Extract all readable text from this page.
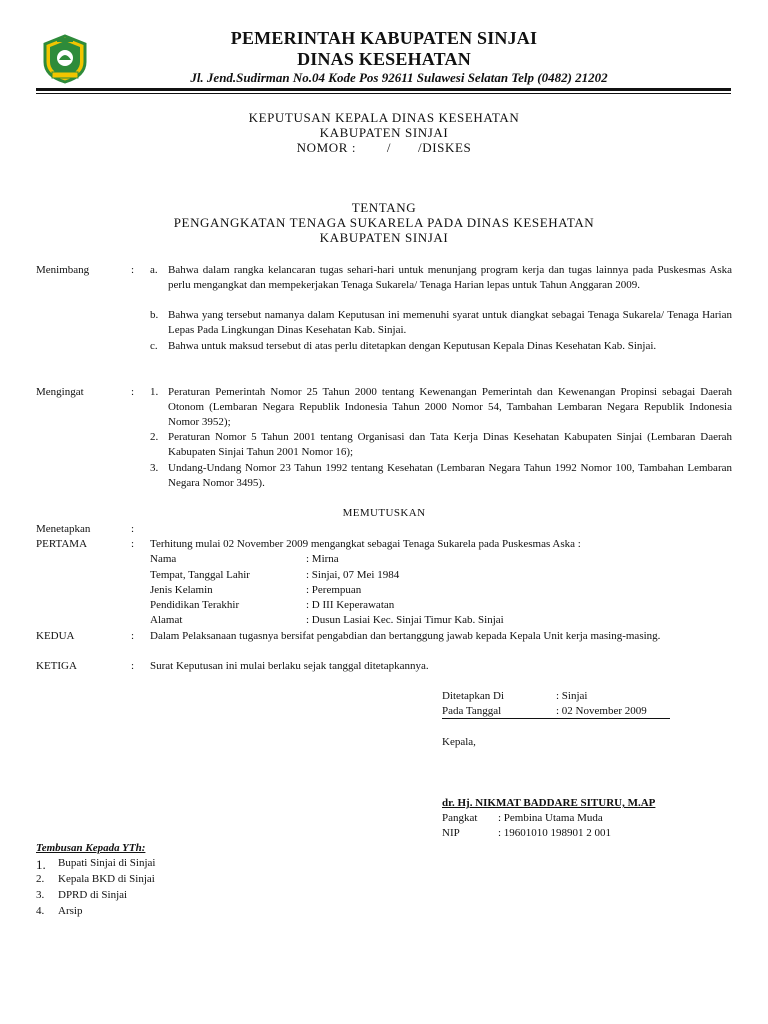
PEMERINTAH KABUPATEN SINJAI
DINAS KESEHATAN
Jl. Jend.Sudirman No.04 Kode Pos 92611 Sulawesi Selatan Telp (0482) 21202
KEPUTUSAN KEPALA DINAS KESEHATAN
KABUPATEN SINJAI
NOMOR :        /       /DISKES
TENTANG
PENGANGKATAN TENAGA SUKARELA PADA DINAS KESEHATAN
KABUPATEN SINJAI
Menimbang	: a. Bahwa dalam rangka kelancaran tugas sehari-hari untuk menunjang program kerja dan tugas lainnya pada Puskesmas Aska perlu mengangkat dan mempekerjakan Tenaga Sukarela/ Tenaga Harian lepas untuk Tahun Anggaran 2009.

b. Bahwa yang tersebut namanya dalam Keputusan ini memenuhi syarat untuk diangkat sebagai Tenaga Sukarela/ Tenaga Harian Lepas Pada Lingkungan Dinas Kesehatan Kab. Sinjai.

c. Bahwa untuk maksud tersebut di atas perlu ditetapkan dengan Keputusan Kepala Dinas Kesehatan Kab. Sinjai.

Mengingat	: 1. Peraturan Pemerintah Nomor 25 Tahun 2000 tentang Kewenangan Pemerintah dan Kewenangan Propinsi sebagai Daerah Otonom (Lembaran Negara Republik Indonesia Tahun 2000 Nomor 54, Tambahan Lembaran Negara Republik Indonesia Nomor 3952);

2. Peraturan Nomor 5 Tahun 2001 tentang Organisasi dan Tata Kerja Dinas Kesehatan Kabupaten Sinjai (Lembaran Daerah Kabupaten Sinjai Tahun 2001 Nomor 16);

3. Undang-Undang Nomor 23 Tahun 1992 tentang Kesehatan (Lembaran Negara Tahun 1992 Nomor 100, Tambahan Lembaran Negara Nomor 3495).

MEMUTUSKAN
Menetapkan	:
PERTAMA	: Terhitung mulai 02 November 2009 mengangkat sebagai Tenaga Sukarela pada Puskesmas Aska :
Nama	: Mirna
Tempat, Tanggal Lahir	: Sinjai, 07 Mei 1984
Jenis Kelamin	: Perempuan
Pendidikan Terakhir	: D III Keperawatan
Alamat	: Dusun Lasiai Kec. Sinjai Timur Kab. Sinjai
KEDUA	: Dalam Pelaksanaan tugasnya bersifat pengabdian dan bertanggung jawab kepada Kepala Unit kerja masing-masing.

KETIGA	: Surat Keputusan ini mulai berlaku sejak tanggal ditetapkannya.
Ditetapkan Di	: Sinjai
Pada Tanggal	: 02 November 2009
Kepala,
dr. Hj. NIKMAT BADDARE SITURU, M.AP
Pangkat : Pembina Utama Muda
NIP	: 19601010 198901 2 001
Tembusan Kepada YTh:
1.	Bupati Sinjai di Sinjai
2.	Kepala BKD di Sinjai
3.	DPRD di Sinjai
4.	Arsip
